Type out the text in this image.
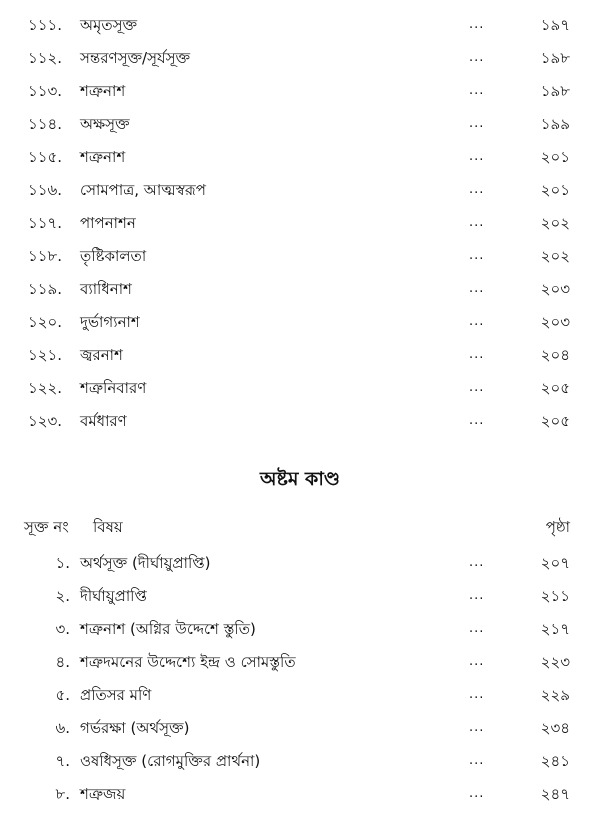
১১১. অমৃতসূক্ত	...	১৯৭
১১২. সন্তরণসূক্ত/সূর্যসূক্ত	...	১৯৮
১১৩. শত্রুনাশ	...	১৯৮
১১৪. অক্ষসূক্ত	...	১৯৯
১১৫. শত্রুনাশ	...	২০১
১১৬. সোমপাত্র, আত্মস্বরূপ	...	২০১
১১৭. পাপনাশন	...	২০২
১১৮. তৃষ্টিকালতা	...	২০২
১১৯. ব্যাধিনাশ	...	২০৩
১২০. দুর্ভাগ্যনাশ	...	২০৩
১২১. জ্বরনাশ	...	২০৪
১২২. শত্রুনিবারণ	...	২০৫
১২৩. বর্মধারণ	...	২০৫
অষ্টম কাণ্ড
সূক্ত নং বিষয়	পৃষ্ঠা
১. অর্থসূক্ত (দীর্ঘায়ুপ্রাপ্তি)	...	২০৭
২. দীর্ঘায়ুপ্রাপ্তি	...	২১১
৩. শত্রুনাশ (অগ্নির উদ্দেশে স্তুতি)	...	২১৭
৪. শত্রুদমনের উদ্দেশ্যে ইন্দ্র ও সোমস্তুতি	...	২২৩
৫. প্রতিসর মণি	...	২২৯
৬. গর্ভরক্ষা (অর্থসূক্ত)	...	২৩৪
৭. ওষধিসূক্ত (রোগমুক্তির প্রার্থনা)	...	২৪১
৮. শত্রুজয়	...	২৪৭
